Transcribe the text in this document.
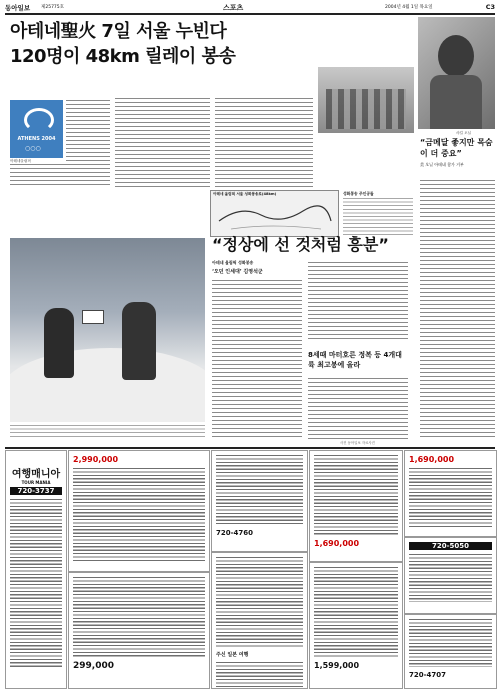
동아일보 제25775호	스포츠	2004년 4월 1일 목요일	C3
아테네聖火 7일 서울 누빈다
120명이 48km 릴레이 봉송
ATHENS 2004
○○○
아테네올림픽
아테네 올림픽 서울 성화봉송로(48km)	성화봉송 주인공들
“정상에 선 것처럼 흥분”
아테네 올림픽 성화봉송
‘오던 인세대’ 김영석군
8세때 마터호른 정복 등 4개대륙 최고봉에 올라
사진 동아일보 자료사진
샤킬 오닐
“금메달 좋지만 목숨이 더 중요”
美 오닐 아테네 참가 거부
여행매니아
TOUR MANIA
720-3737
2,990,000
299,000
720-4760
주신 일본 여행
1,690,000
1,599,000
1,690,000
720-5050
720-4707
